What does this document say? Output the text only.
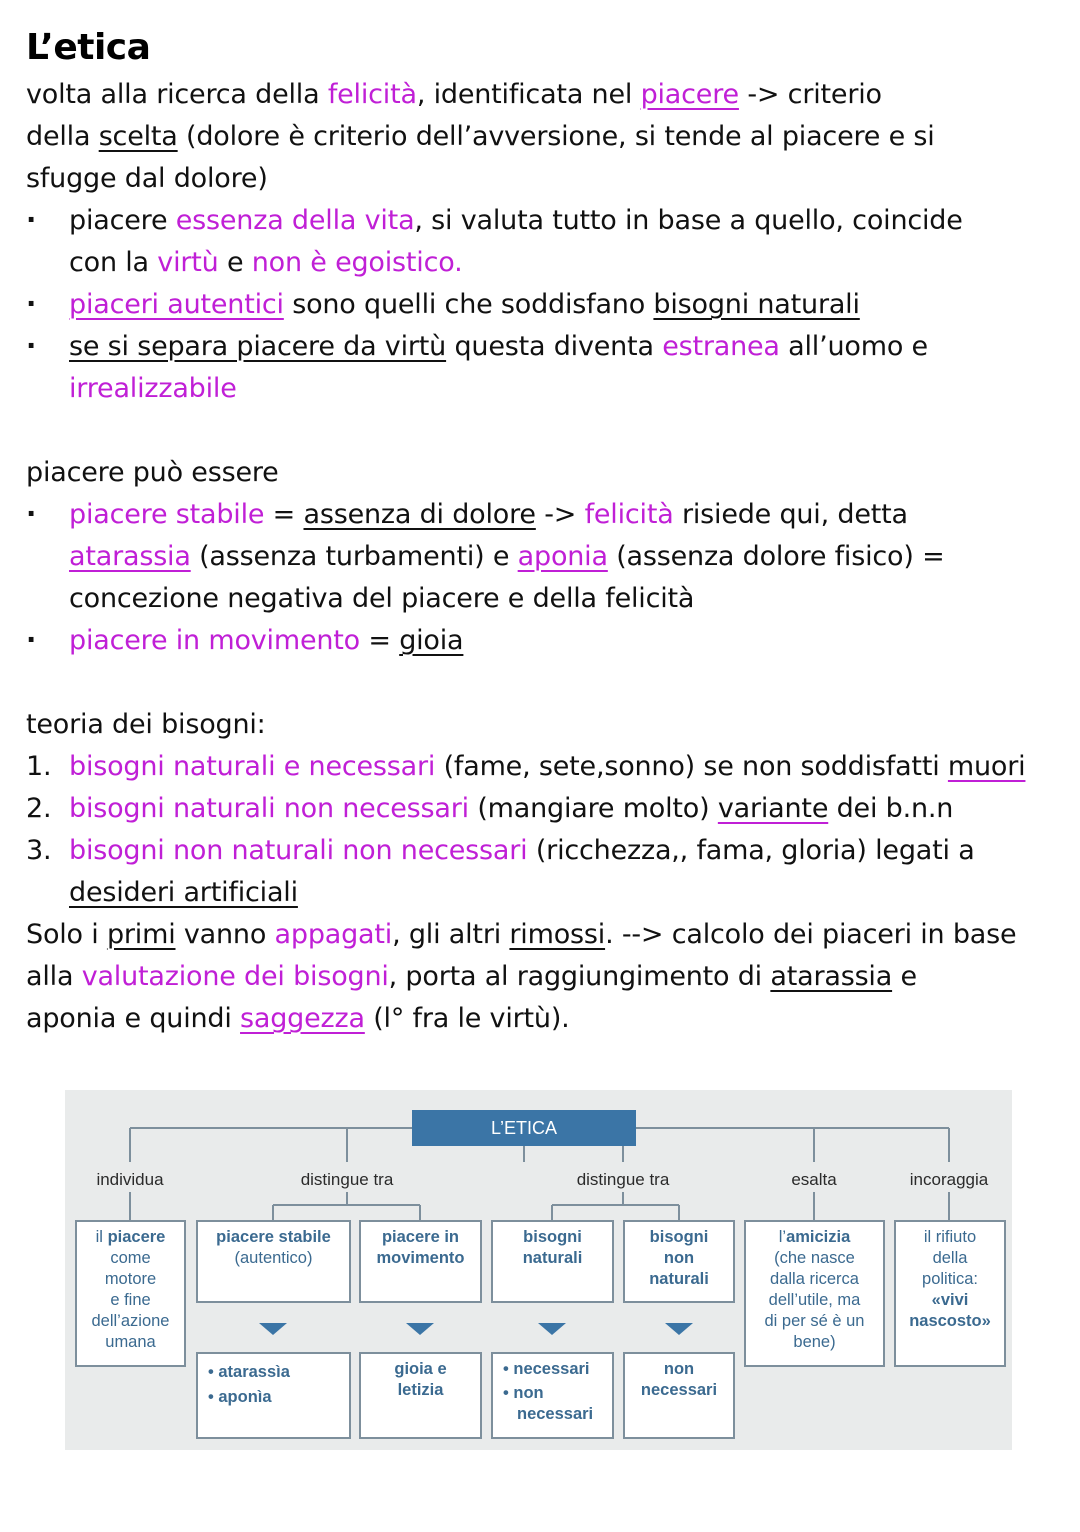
L’etica
volta alla ricerca della felicità, identificata nel piacere -> criterio
della scelta (dolore è criterio dell’avversione, si tende al piacere e si
sfugge dal dolore)
· piacere essenza della vita, si valuta tutto in base a quello, coincide
con la virtù e non è egoistico.
· piaceri autentici sono quelli che soddisfano bisogni naturali
· se si separa piacere da virtù questa diventa estranea all’uomo e
irrealizzabile
piacere può essere
· piacere stabile = assenza di dolore -> felicità risiede qui, detta
atarassia (assenza turbamenti) e aponia (assenza dolore fisico) =
concezione negativa del piacere e della felicità
· piacere in movimento = gioia
teoria dei bisogni:
1. bisogni naturali e necessari (fame, sete,sonno) se non soddisfatti muori
2. bisogni naturali non necessari (mangiare molto) variante dei b.n.n
3. bisogni non naturali non necessari (ricchezza,, fama, gloria) legati a
desideri artificiali
Solo i primi vanno appagati, gli altri rimossi. --> calcolo dei piaceri in base
alla valutazione dei bisogni, porta al raggiungimento di atarassia e
aponia e quindi saggezza (l° fra le virtù).
L’ETICA
individua	distingue tra	distingue tra	esalta	incoraggia
il piacere
come
motore
e fine
dell’azione
umana
piacere stabile
(autentico)
piacere in
movimento
bisogni
naturali
bisogni
non
naturali
l’amicizia
(che nasce
dalla ricerca
dell’utile, ma
di per sé è un
bene)
il rifiuto
della
politica:
«vivi
nascosto»
• atarassìa
• aponìa
gioia e
letizia
• necessari
• non
necessari
non
necessari
